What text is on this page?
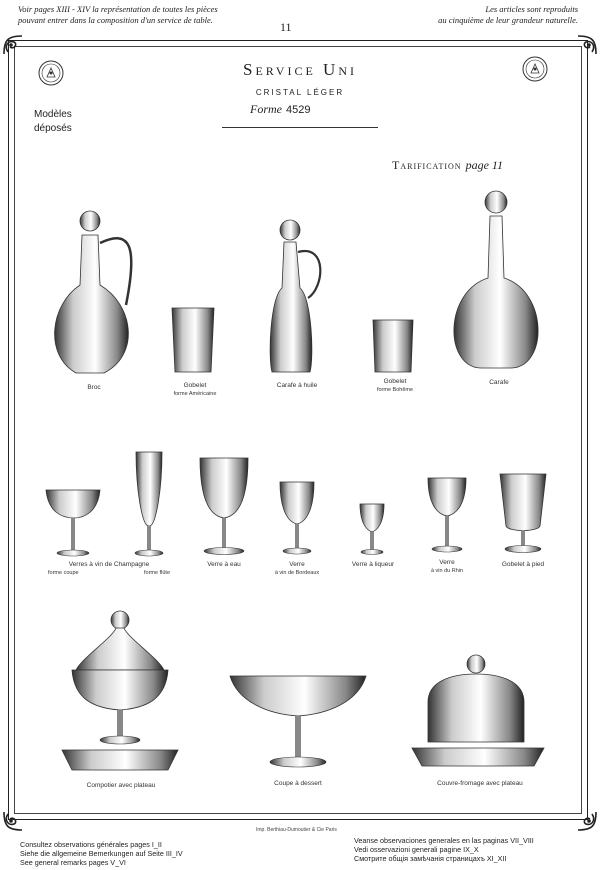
Voir pages XIII - XIV la représentation de toutes les pièces
pouvant entrer dans la composition d'un service de table.	11
Les articles sont reproduits
au cinquième de leur grandeur naturelle.
Service Uni
CRISTAL LÉGER
Forme 4529
Modèles
déposés
Tarification page 11
Broc	Gobelet
forme Américaine
Carafe à huile
Gobelet
forme Bohême
Carafe
Verres à vin de Champagne
forme coupe	forme flûte
Verre à eau	Verre
à vin de Bordeaux
Verre à liqueur	Verre
à vin du Rhin
Gobelet à pied
Compotier avec plateau	Coupe à dessert	Couvre-fromage avec plateau
Imp. Berthiau-Dumoutier & Cie Paris
Consultez observations générales pages I_II
Siehe die allgemeine Bemerkungen auf Seite III_IV
See general remarks pages V_VI
Veanse observaciones generales en las paginas VII_VIII
Vedi osservazioni generali pagine IX_X
Смотрите общія замѣчанія страницахъ XI_XII
